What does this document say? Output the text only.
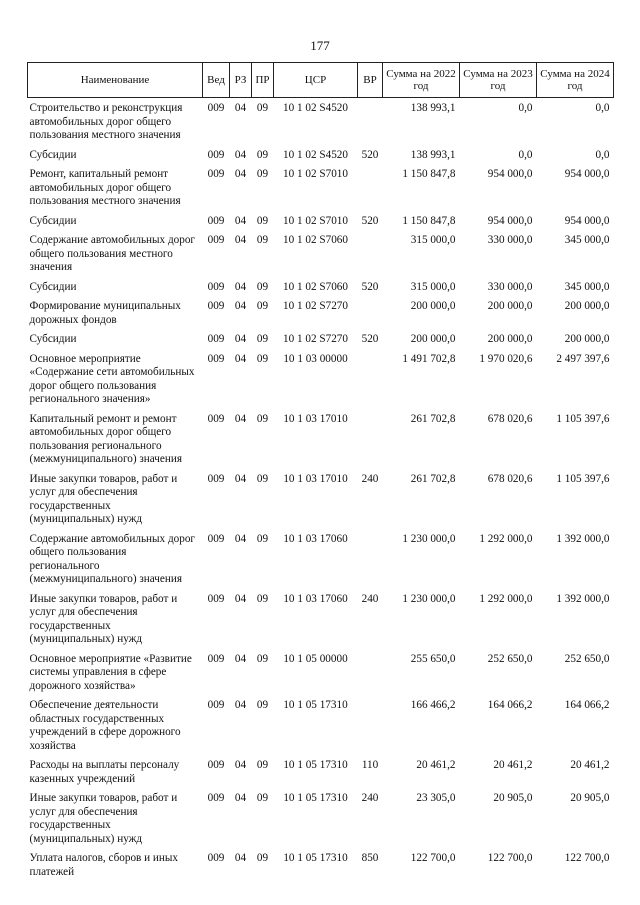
177
Наименование	Вед	РЗ	ПР	ЦСР	ВР	Сумма на 2022 год	Сумма на 2023 год	Сумма на 2024 год
Строительство и реконструкция автомобильных дорог общего пользования местного значения	009	04	09	10 1 02 S4520		138 993,1	0,0	0,0
Субсидии	009	04	09	10 1 02 S4520	520	138 993,1	0,0	0,0
Ремонт, капитальный ремонт автомобильных дорог общего пользования местного значения	009	04	09	10 1 02 S7010		1 150 847,8	954 000,0	954 000,0
Субсидии	009	04	09	10 1 02 S7010	520	1 150 847,8	954 000,0	954 000,0
Содержание автомобильных дорог общего пользования местного значения	009	04	09	10 1 02 S7060		315 000,0	330 000,0	345 000,0
Субсидии	009	04	09	10 1 02 S7060	520	315 000,0	330 000,0	345 000,0
Формирование муниципальных дорожных фондов	009	04	09	10 1 02 S7270		200 000,0	200 000,0	200 000,0
Субсидии	009	04	09	10 1 02 S7270	520	200 000,0	200 000,0	200 000,0
Основное мероприятие «Содержание сети автомобильных дорог общего пользования регионального значения»	009	04	09	10 1 03 00000		1 491 702,8	1 970 020,6	2 497 397,6
Капитальный ремонт и ремонт автомобильных дорог общего пользования регионального (межмуниципального) значения	009	04	09	10 1 03 17010		261 702,8	678 020,6	1 105 397,6
Иные закупки товаров, работ и услуг для обеспечения государственных (муниципальных) нужд	009	04	09	10 1 03 17010	240	261 702,8	678 020,6	1 105 397,6
Содержание автомобильных дорог общего пользования регионального (межмуниципального) значения	009	04	09	10 1 03 17060		1 230 000,0	1 292 000,0	1 392 000,0
Иные закупки товаров, работ и услуг для обеспечения государственных (муниципальных) нужд	009	04	09	10 1 03 17060	240	1 230 000,0	1 292 000,0	1 392 000,0
Основное мероприятие «Развитие системы управления в сфере дорожного хозяйства»	009	04	09	10 1 05 00000		255 650,0	252 650,0	252 650,0
Обеспечение деятельности областных государственных учреждений в сфере дорожного хозяйства	009	04	09	10 1 05 17310		166 466,2	164 066,2	164 066,2
Расходы на выплаты персоналу казенных учреждений	009	04	09	10 1 05 17310	110	20 461,2	20 461,2	20 461,2
Иные закупки товаров, работ и услуг для обеспечения государственных (муниципальных) нужд	009	04	09	10 1 05 17310	240	23 305,0	20 905,0	20 905,0
Уплата налогов, сборов и иных платежей	009	04	09	10 1 05 17310	850	122 700,0	122 700,0	122 700,0
